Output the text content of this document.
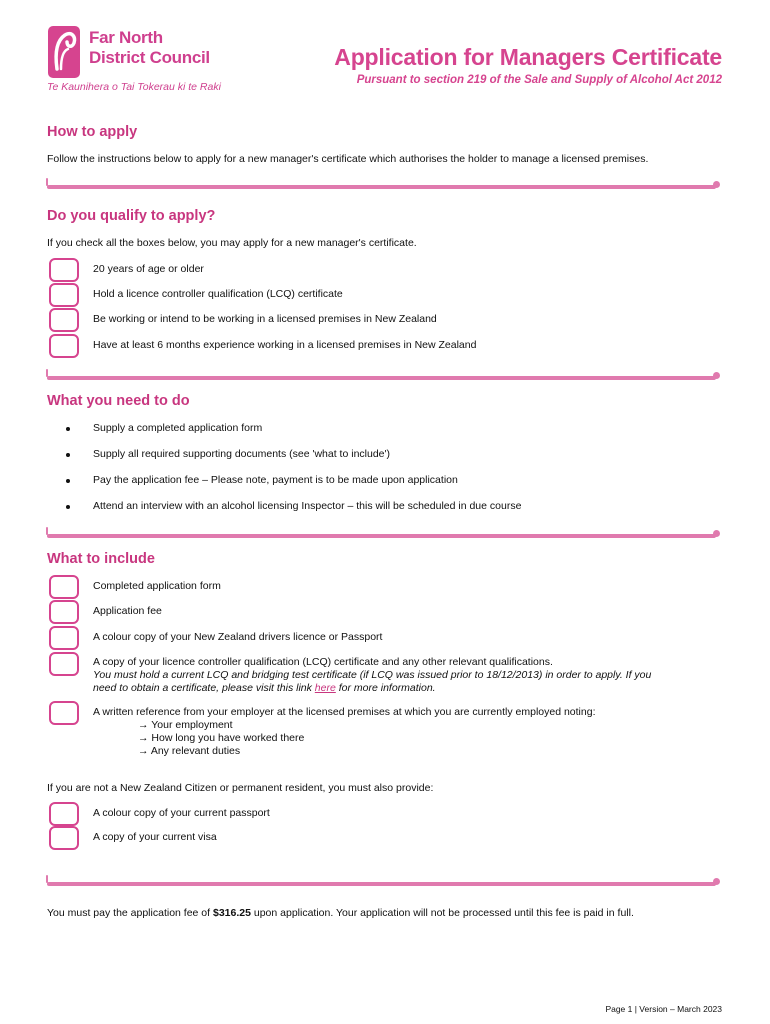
Far North
District Council
Te Kaunihera o Tai Tokerau ki te Raki
Application for Managers Certificate
Pursuant to section 219 of the Sale and Supply of Alcohol Act 2012
How to apply
Follow the instructions below to apply for a new manager's certificate which authorises the holder to manage a licensed premises.
Do you qualify to apply?
If you check all the boxes below, you may apply for a new manager's certificate.
20 years of age or older
Hold a licence controller qualification (LCQ) certificate
Be working or intend to be working in a licensed premises in New Zealand
Have at least 6 months experience working in a licensed premises in New Zealand
What you need to do
Supply a completed application form
Supply all required supporting documents (see 'what to include')
Pay the application fee – Please note, payment is to be made upon application
Attend an interview with an alcohol licensing Inspector – this will be scheduled in due course
What to include
Completed application form
Application fee
A colour copy of your New Zealand drivers licence or Passport
A copy of your licence controller qualification (LCQ) certificate and any other relevant qualifications.
You must hold a current LCQ and bridging test certificate (if LCQ was issued prior to 18/12/2013) in order to apply. If you
need to obtain a certificate, please visit this link here for more information.
A written reference from your employer at the licensed premises at which you are currently employed noting:
→ Your employment
→ How long you have worked there
→ Any relevant duties
If you are not a New Zealand Citizen or permanent resident, you must also provide:
A colour copy of your current passport
A copy of your current visa
You must pay the application fee of $316.25 upon application. Your application will not be processed until this fee is paid in full.
Page 1 | Version – March 2023
